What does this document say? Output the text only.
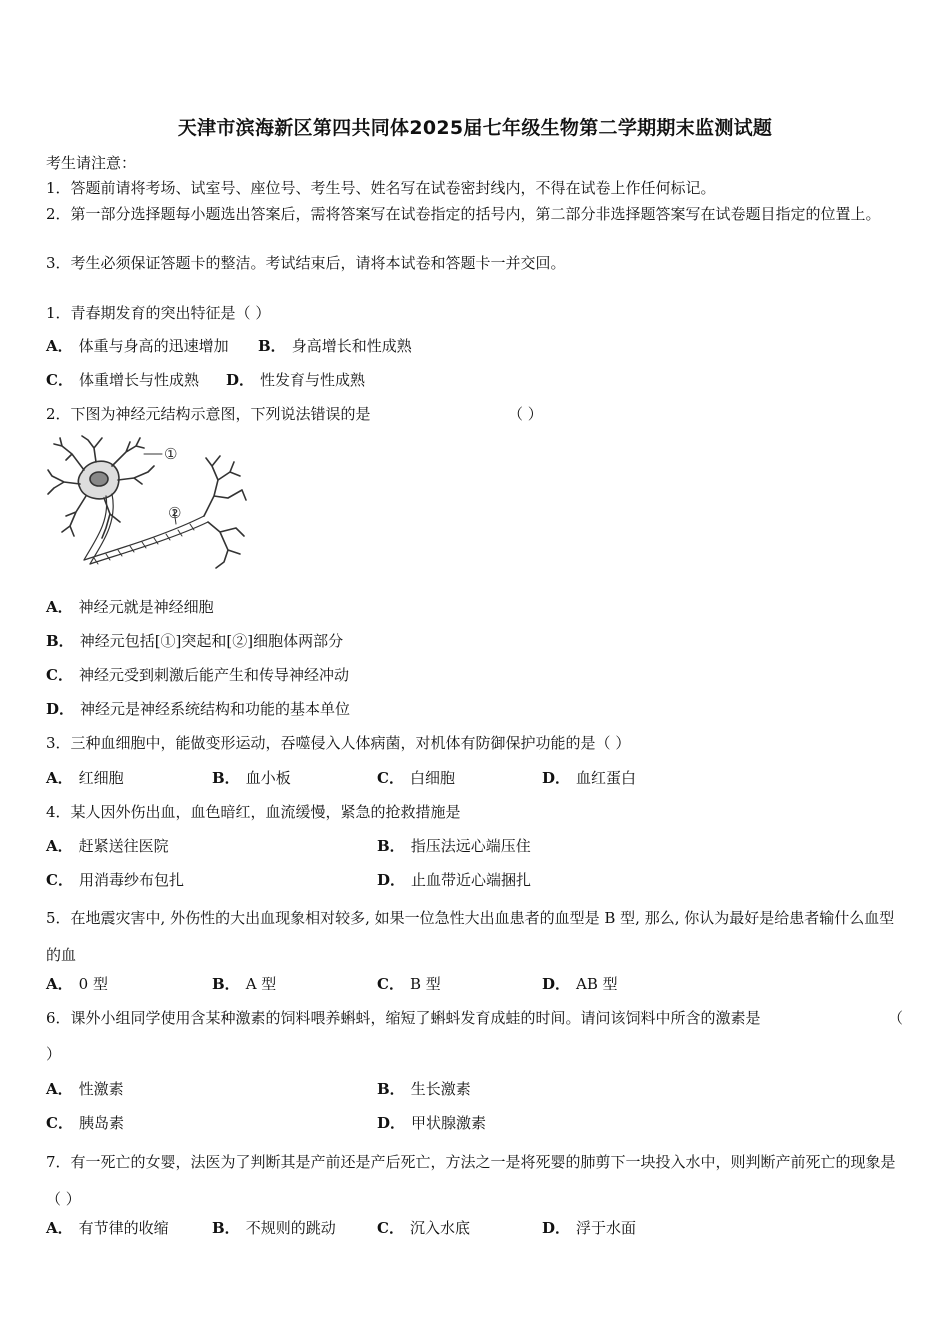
天津市滨海新区第四共同体2025届七年级生物第二学期期末监测试题
考生请注意：
1．答题前请将考场、试室号、座位号、考生号、姓名写在试卷密封线内，不得在试卷上作任何标记。
2．第一部分选择题每小题选出答案后，需将答案写在试卷指定的括号内，第二部分非选择题答案写在试卷题目指定的位置上。
3．考生必须保证答题卡的整洁。考试结束后，请将本试卷和答题卡一并交回。
1．青春期发育的突出特征是（ ）
A． 体重与身高的迅速增加 B． 身高增长和性成熟
C． 体重增长与性成熟 D． 性发育与性成熟
2．下图为神经元结构示意图，下列说法错误的是	（ ）
①
②
A． 神经元就是神经细胞
B． 神经元包括[①]突起和[②]细胞体两部分
C． 神经元受到刺激后能产生和传导神经冲动
D． 神经元是神经系统结构和功能的基本单位
3．三种血细胞中，能做变形运动，吞噬侵入人体病菌，对机体有防御保护功能的是（ ）
A． 红细胞	B． 血小板	C． 白细胞	D． 血红蛋白
4．某人因外伤出血，血色暗红，血流缓慢，紧急的抢救措施是
A． 赶紧送往医院	B． 指压法远心端压住
C． 用消毒纱布包扎	D． 止血带近心端捆扎
5．在地震灾害中, 外伤性的大出血现象相对较多, 如果一位急性大出血患者的血型是 B 型, 那么, 你认为最好是给患者输什么血型的血
A． 0 型	B． A 型	C． B 型	D． AB 型
6．课外小组同学使用含某种激素的饲料喂养蝌蚪，缩短了蝌蚪发育成蛙的时间。请问该饲料中所含的激素是	（
）
A． 性激素	B． 生长激素
C． 胰岛素	D． 甲状腺激素
7．有一死亡的女婴，法医为了判断其是产前还是产后死亡，方法之一是将死婴的肺剪下一块投入水中，则判断产前死亡的现象是（ ）
A． 有节律的收缩	B． 不规则的跳动	C． 沉入水底	D． 浮于水面
